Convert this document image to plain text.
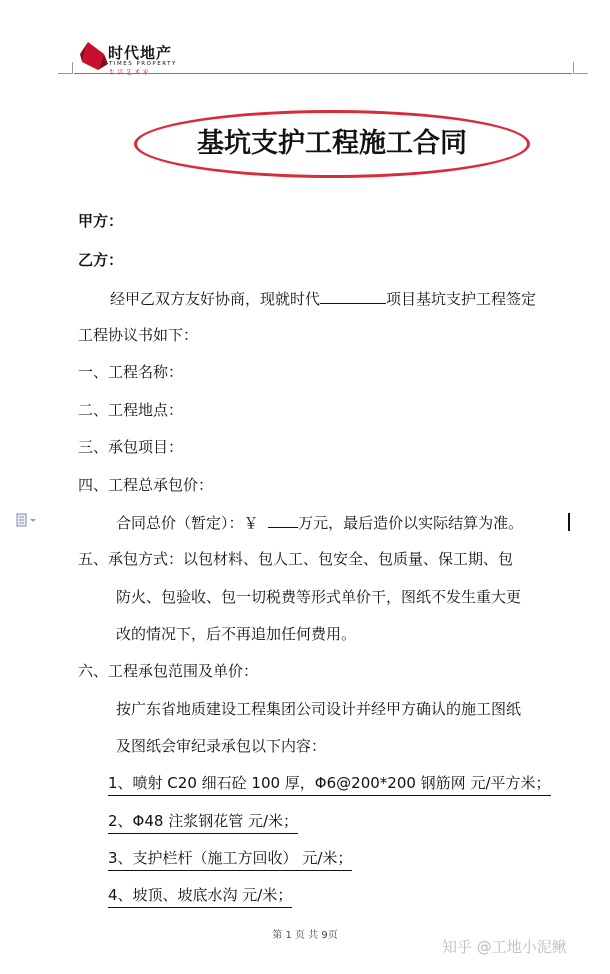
时代地产
TIMES PROPERTY
生活艺术家
基坑支护工程施工合同
甲方：
乙方：
经甲乙双方友好协商，现就时代	项目基坑支护工程签定
工程协议书如下：
一、工程名称：
二、工程地点：
三、承包项目：
四、工程总承包价：
合同总价（暂定）：￥	万元，最后造价以实际结算为准。
五、承包方式：以包材料、包人工、包安全、包质量、保工期、包
防火、包验收、包一切税费等形式单价干，图纸不发生重大更
改的情况下，后不再追加任何费用。
六、工程承包范围及单价：
按广东省地质建设工程集团公司设计并经甲方确认的施工图纸
及图纸会审纪录承包以下内容：
1、喷射 C20 细石砼 100 厚，Φ6@200*200 钢筋网 元/平方米；
2、Φ48 注浆钢花管 元/米；
3、支护栏杆（施工方回收） 元/米；
4、坡顶、坡底水沟 元/米；
第 1 页 共 9页
知乎 @工地小泥鳅
